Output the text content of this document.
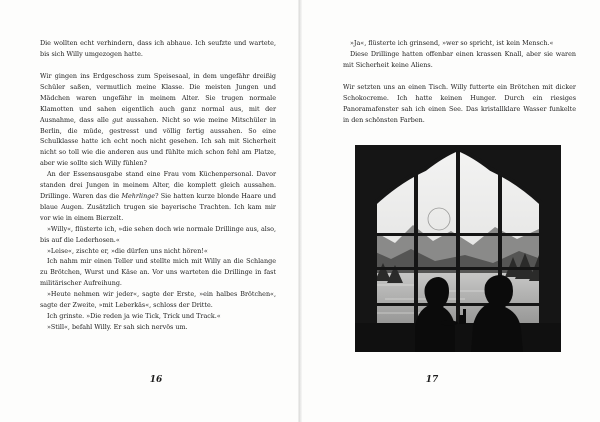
Die wollten echt verhindern, dass ich abhaue. Ich seufzte und wartete, bis sich Willy umgezogen hatte.

Wir gingen ins Erdgeschoss zum Speisesaal, in dem ungefähr dreißig Schüler saßen, vermutlich meine Klasse. Die meisten Jungen und Mädchen waren ungefähr in meinem Alter. Sie trugen normale Klamotten und sahen eigentlich auch ganz normal aus, mit der Ausnahme, dass alle gut aussahen. Nicht so wie meine Mitschüler in Berlin, die müde, gestresst und völlig fertig aussahen. So eine Schulklasse hatte ich echt noch nicht gesehen. Ich sah mit Sicherheit nicht so toll wie die anderen aus und fühlte mich schon fehl am Platze, aber wie sollte sich Willy fühlen?

An der Essensausgabe stand eine Frau vom Küchenpersonal. Davor standen drei Jungen in meinem Alter, die komplett gleich aussahen. Drillinge. Waren das die Mehrlinge? Sie hatten kurze blonde Haare und blaue Augen. Zusätzlich trugen sie bayerische Trachten. Ich kam mir vor wie in einem Bierzelt.

»Willy«, flüsterte ich, »die sehen doch wie normale Drillinge aus, also, bis auf die Lederhosen.«

»Leise«, zischte er, »die dürfen uns nicht hören!«

Ich nahm mir einen Teller und stellte mich mit Willy an die Schlange zu Brötchen, Wurst und Käse an. Vor uns warteten die Drillinge in fast militärischer Aufreihung.

»Heute nehmen wir jeder«, sagte der Erste, »ein halbes Brötchen«, sagte der Zweite, »mit Leberkäs«, schloss der Dritte.

Ich grinste. »Die reden ja wie Tick, Trick und Track.«

»Still«, befahl Willy. Er sah sich nervös um.

16

»Ja«, flüsterte ich grinsend, »wer so spricht, ist kein Mensch.«

Diese Drillinge hatten offenbar einen krassen Knall, aber sie waren mit Sicherheit keine Aliens.

Wir setzten uns an einen Tisch. Willy futterte ein Brötchen mit dicker Schokocreme. Ich hatte keinen Hunger. Durch ein riesiges Panoramafenster sah ich einen See. Das kristallklare Wasser funkelte in den schönsten Farben.

17
